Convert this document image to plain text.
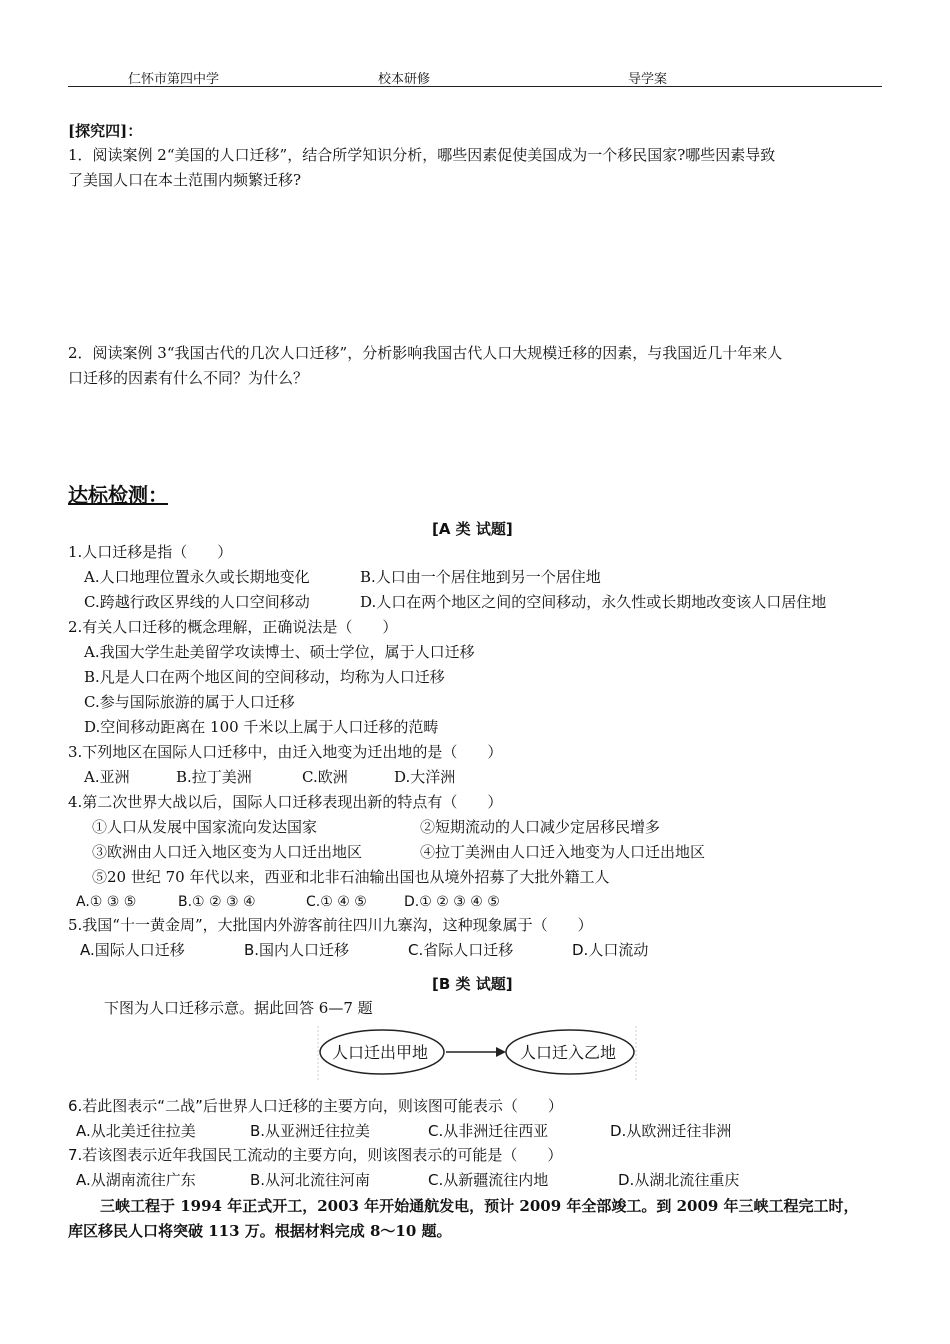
仁怀市第四中学	校本研修	导学案
[探究四]：
1．阅读案例 2“美国的人口迁移”，结合所学知识分析，哪些因素促使美国成为一个移民国家?哪些因素导致
了美国人口在本土范围内频繁迁移?
2．阅读案例 3“我国古代的几次人口迁移”，分析影响我国古代人口大规模迁移的因素，与我国近几十年来人
口迁移的因素有什么不同？为什么？
达标检测：
[A 类 试题]
1.人口迁移是指（　　）
A.人口地理位置永久或长期地变化	B.人口由一个居住地到另一个居住地
C.跨越行政区界线的人口空间移动	D.人口在两个地区之间的空间移动，永久性或长期地改变该人口居住地
2.有关人口迁移的概念理解，正确说法是（　　）
A.我国大学生赴美留学攻读博士、硕士学位，属于人口迁移
B.凡是人口在两个地区间的空间移动，均称为人口迁移
C.参与国际旅游的属于人口迁移
D.空间移动距离在 100 千米以上属于人口迁移的范畴
3.下列地区在国际人口迁移中，由迁入地变为迁出地的是（　　）
A.亚洲	B.拉丁美洲	C.欧洲	D.大洋洲
4.第二次世界大战以后，国际人口迁移表现出新的特点有（　　）
①人口从发展中国家流向发达国家	②短期流动的人口减少定居移民增多
③欧洲由人口迁入地区变为人口迁出地区	④拉丁美洲由人口迁入地变为人口迁出地区
⑤20 世纪 70 年代以来，西亚和北非石油输出国也从境外招募了大批外籍工人
A.① ③ ⑤	B.① ② ③ ④	C.① ④ ⑤	D.① ② ③ ④ ⑤
5.我国“十一黄金周”，大批国内外游客前往四川九寨沟，这种现象属于（　　）
A.国际人口迁移	B.国内人口迁移	C.省际人口迁移	D.人口流动
[B 类 试题]
下图为人口迁移示意。据此回答 6—7 题
人口迁出甲地	人口迁入乙地
6.若此图表示“二战”后世界人口迁移的主要方向，则该图可能表示（　　）
A.从北美迁往拉美	B.从亚洲迁往拉美	C.从非洲迁往西亚	D.从欧洲迁往非洲
7.若该图表示近年我国民工流动的主要方向，则该图表示的可能是（　　）
A.从湖南流往广东	B.从河北流往河南	C.从新疆流往内地	D.从湖北流往重庆
三峡工程于 1994 年正式开工，2003 年开始通航发电，预计 2009 年全部竣工。到 2009 年三峡工程完工时，
库区移民人口将突破 113 万。根据材料完成 8～10 题。
